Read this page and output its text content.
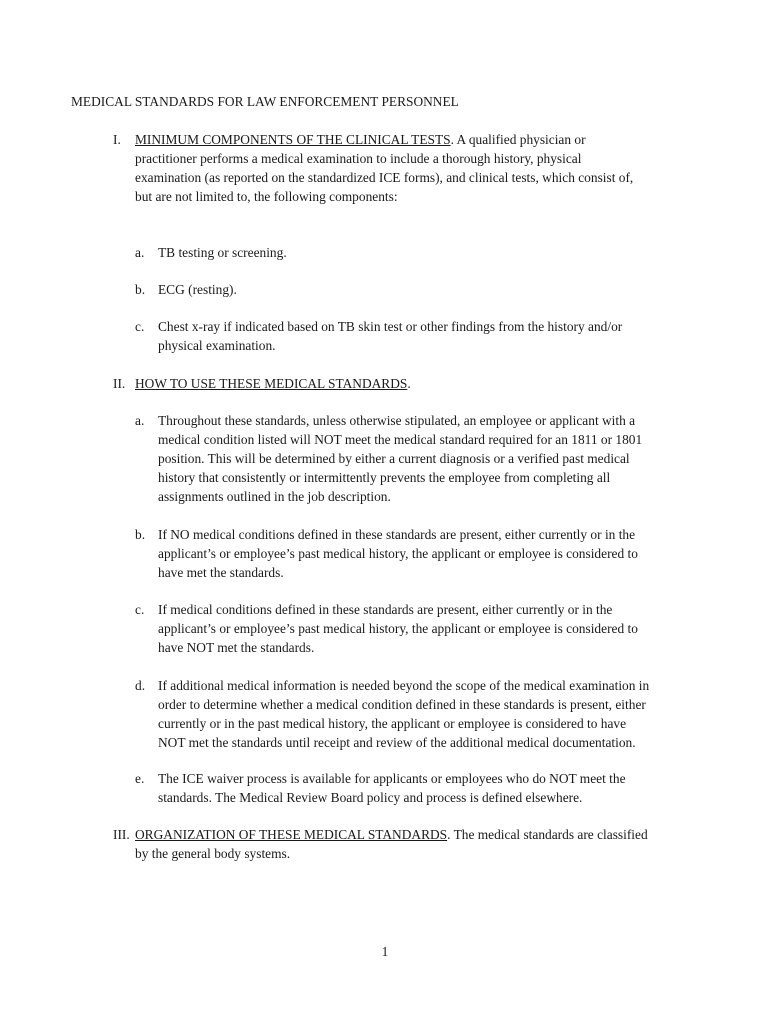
MEDICAL STANDARDS FOR LAW ENFORCEMENT PERSONNEL
I. MINIMUM COMPONENTS OF THE CLINICAL TESTS. A qualified physician or
practitioner performs a medical examination to include a thorough history, physical
examination (as reported on the standardized ICE forms), and clinical tests, which consist of,
but are not limited to, the following components:
a. TB testing or screening.
b. ECG (resting).
c. Chest x-ray if indicated based on TB skin test or other findings from the history and/or
physical examination.
II. HOW TO USE THESE MEDICAL STANDARDS.
a. Throughout these standards, unless otherwise stipulated, an employee or applicant with a
medical condition listed will NOT meet the medical standard required for an 1811 or 1801
position. This will be determined by either a current diagnosis or a verified past medical
history that consistently or intermittently prevents the employee from completing all
assignments outlined in the job description.
b. If NO medical conditions defined in these standards are present, either currently or in the
applicant’s or employee’s past medical history, the applicant or employee is considered to
have met the standards.
c. If medical conditions defined in these standards are present, either currently or in the
applicant’s or employee’s past medical history, the applicant or employee is considered to
have NOT met the standards.
d. If additional medical information is needed beyond the scope of the medical examination in
order to determine whether a medical condition defined in these standards is present, either
currently or in the past medical history, the applicant or employee is considered to have
NOT met the standards until receipt and review of the additional medical documentation.
e. The ICE waiver process is available for applicants or employees who do NOT meet the
standards. The Medical Review Board policy and process is defined elsewhere.
III. ORGANIZATION OF THESE MEDICAL STANDARDS. The medical standards are classified
by the general body systems.
1
